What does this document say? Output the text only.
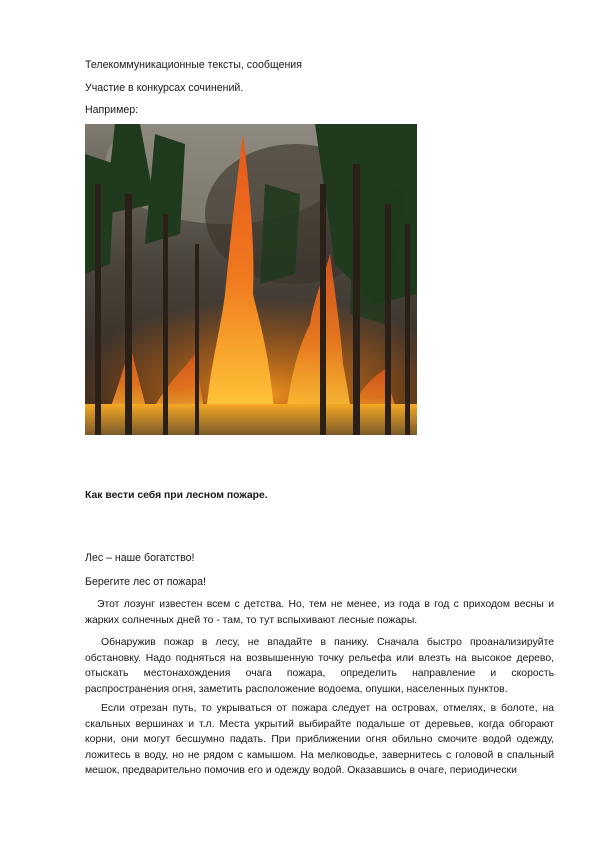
Телекоммуникационные тексты, сообщения
Участие в конкурсах сочинений.
Например:
Как вести себя при лесном пожаре.
Лес – наше богатство!
Берегите лес от пожара!

Этот лозунг известен всем с детства. Но, тем не менее, из года в год с приходом весны и жарких солнечных дней то - там, то тут вспыхивают лесные пожары.

Обнаружив пожар в лесу, не впадайте в панику. Сначала быстро проанализируйте обстановку. Надо подняться на возвышенную точку рельефа или влезть на высокое дерево, отыскать местонахождения очага пожара, определить направление и скорость распространения огня, заметить расположение водоема, опушки, населенных пунктов.

Если отрезан путь, то укрываться от пожара следует на островах, отмелях, в болоте, на скальных вершинах и т.л. Места укрытий выбирайте подальше от деревьев, когда обгорают корни, они могут бесшумно падать. При приближении огня обильно смочите водой одежду, ложитесь в воду, но не рядом с камышом. На мелководье, завернитесь с головой в спальный мешок, предварительно помочив его и одежду водой. Оказавшись в очаге, периодически
